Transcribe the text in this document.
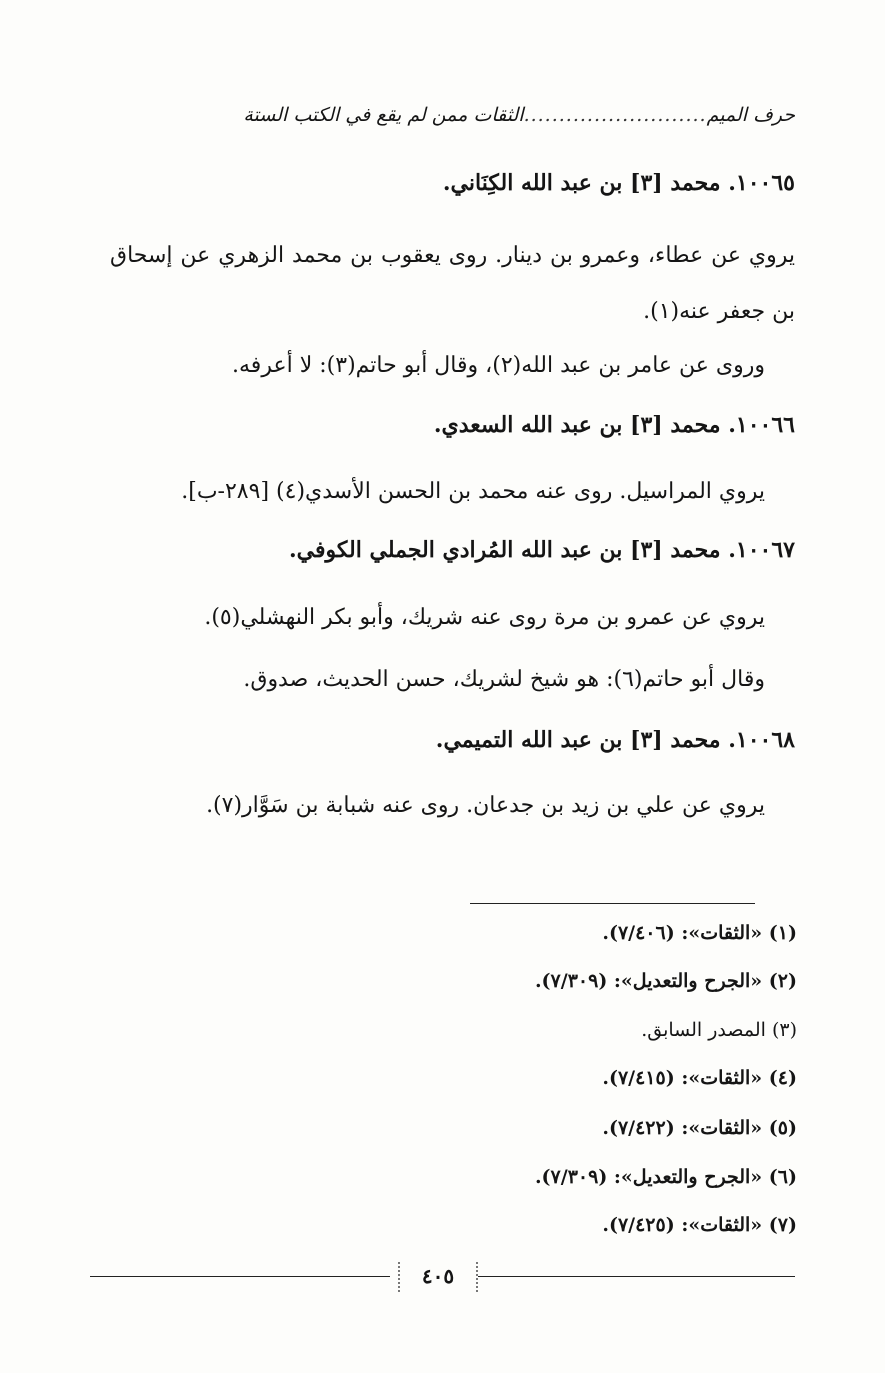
حرف الميم
..........................
الثقات ممن لم يقع في الكتب الستة
١٠٠٦٥. محمد [٣] بن عبد الله الكِنَاني.
يروي عن عطاء، وعمرو بن دينار. روى يعقوب بن محمد الزهري عن إسحاق بن جعفر عنه(١).
وروى عن عامر بن عبد الله(٢)، وقال أبو حاتم(٣): لا أعرفه.
١٠٠٦٦. محمد [٣] بن عبد الله السعدي.
يروي المراسيل. روى عنه محمد بن الحسن الأسدي(٤) [٢٨٩-ب].
١٠٠٦٧. محمد [٣] بن عبد الله المُرادي الجملي الكوفي.
يروي عن عمرو بن مرة روى عنه شريك، وأبو بكر النهشلي(٥).
وقال أبو حاتم(٦): هو شيخ لشريك، حسن الحديث، صدوق.
١٠٠٦٨. محمد [٣] بن عبد الله التميمي.
يروي عن علي بن زيد بن جدعان. روى عنه شبابة بن سَوَّار(٧).
(١) «الثقات»: (٧/٤٠٦).
(٢) «الجرح والتعديل»: (٧/٣٠٩).
(٣) المصدر السابق.
(٤) «الثقات»: (٧/٤١٥).
(٥) «الثقات»: (٧/٤٢٢).
(٦) «الجرح والتعديل»: (٧/٣٠٩).
(٧) «الثقات»: (٧/٤٢٥).
٤٠٥
